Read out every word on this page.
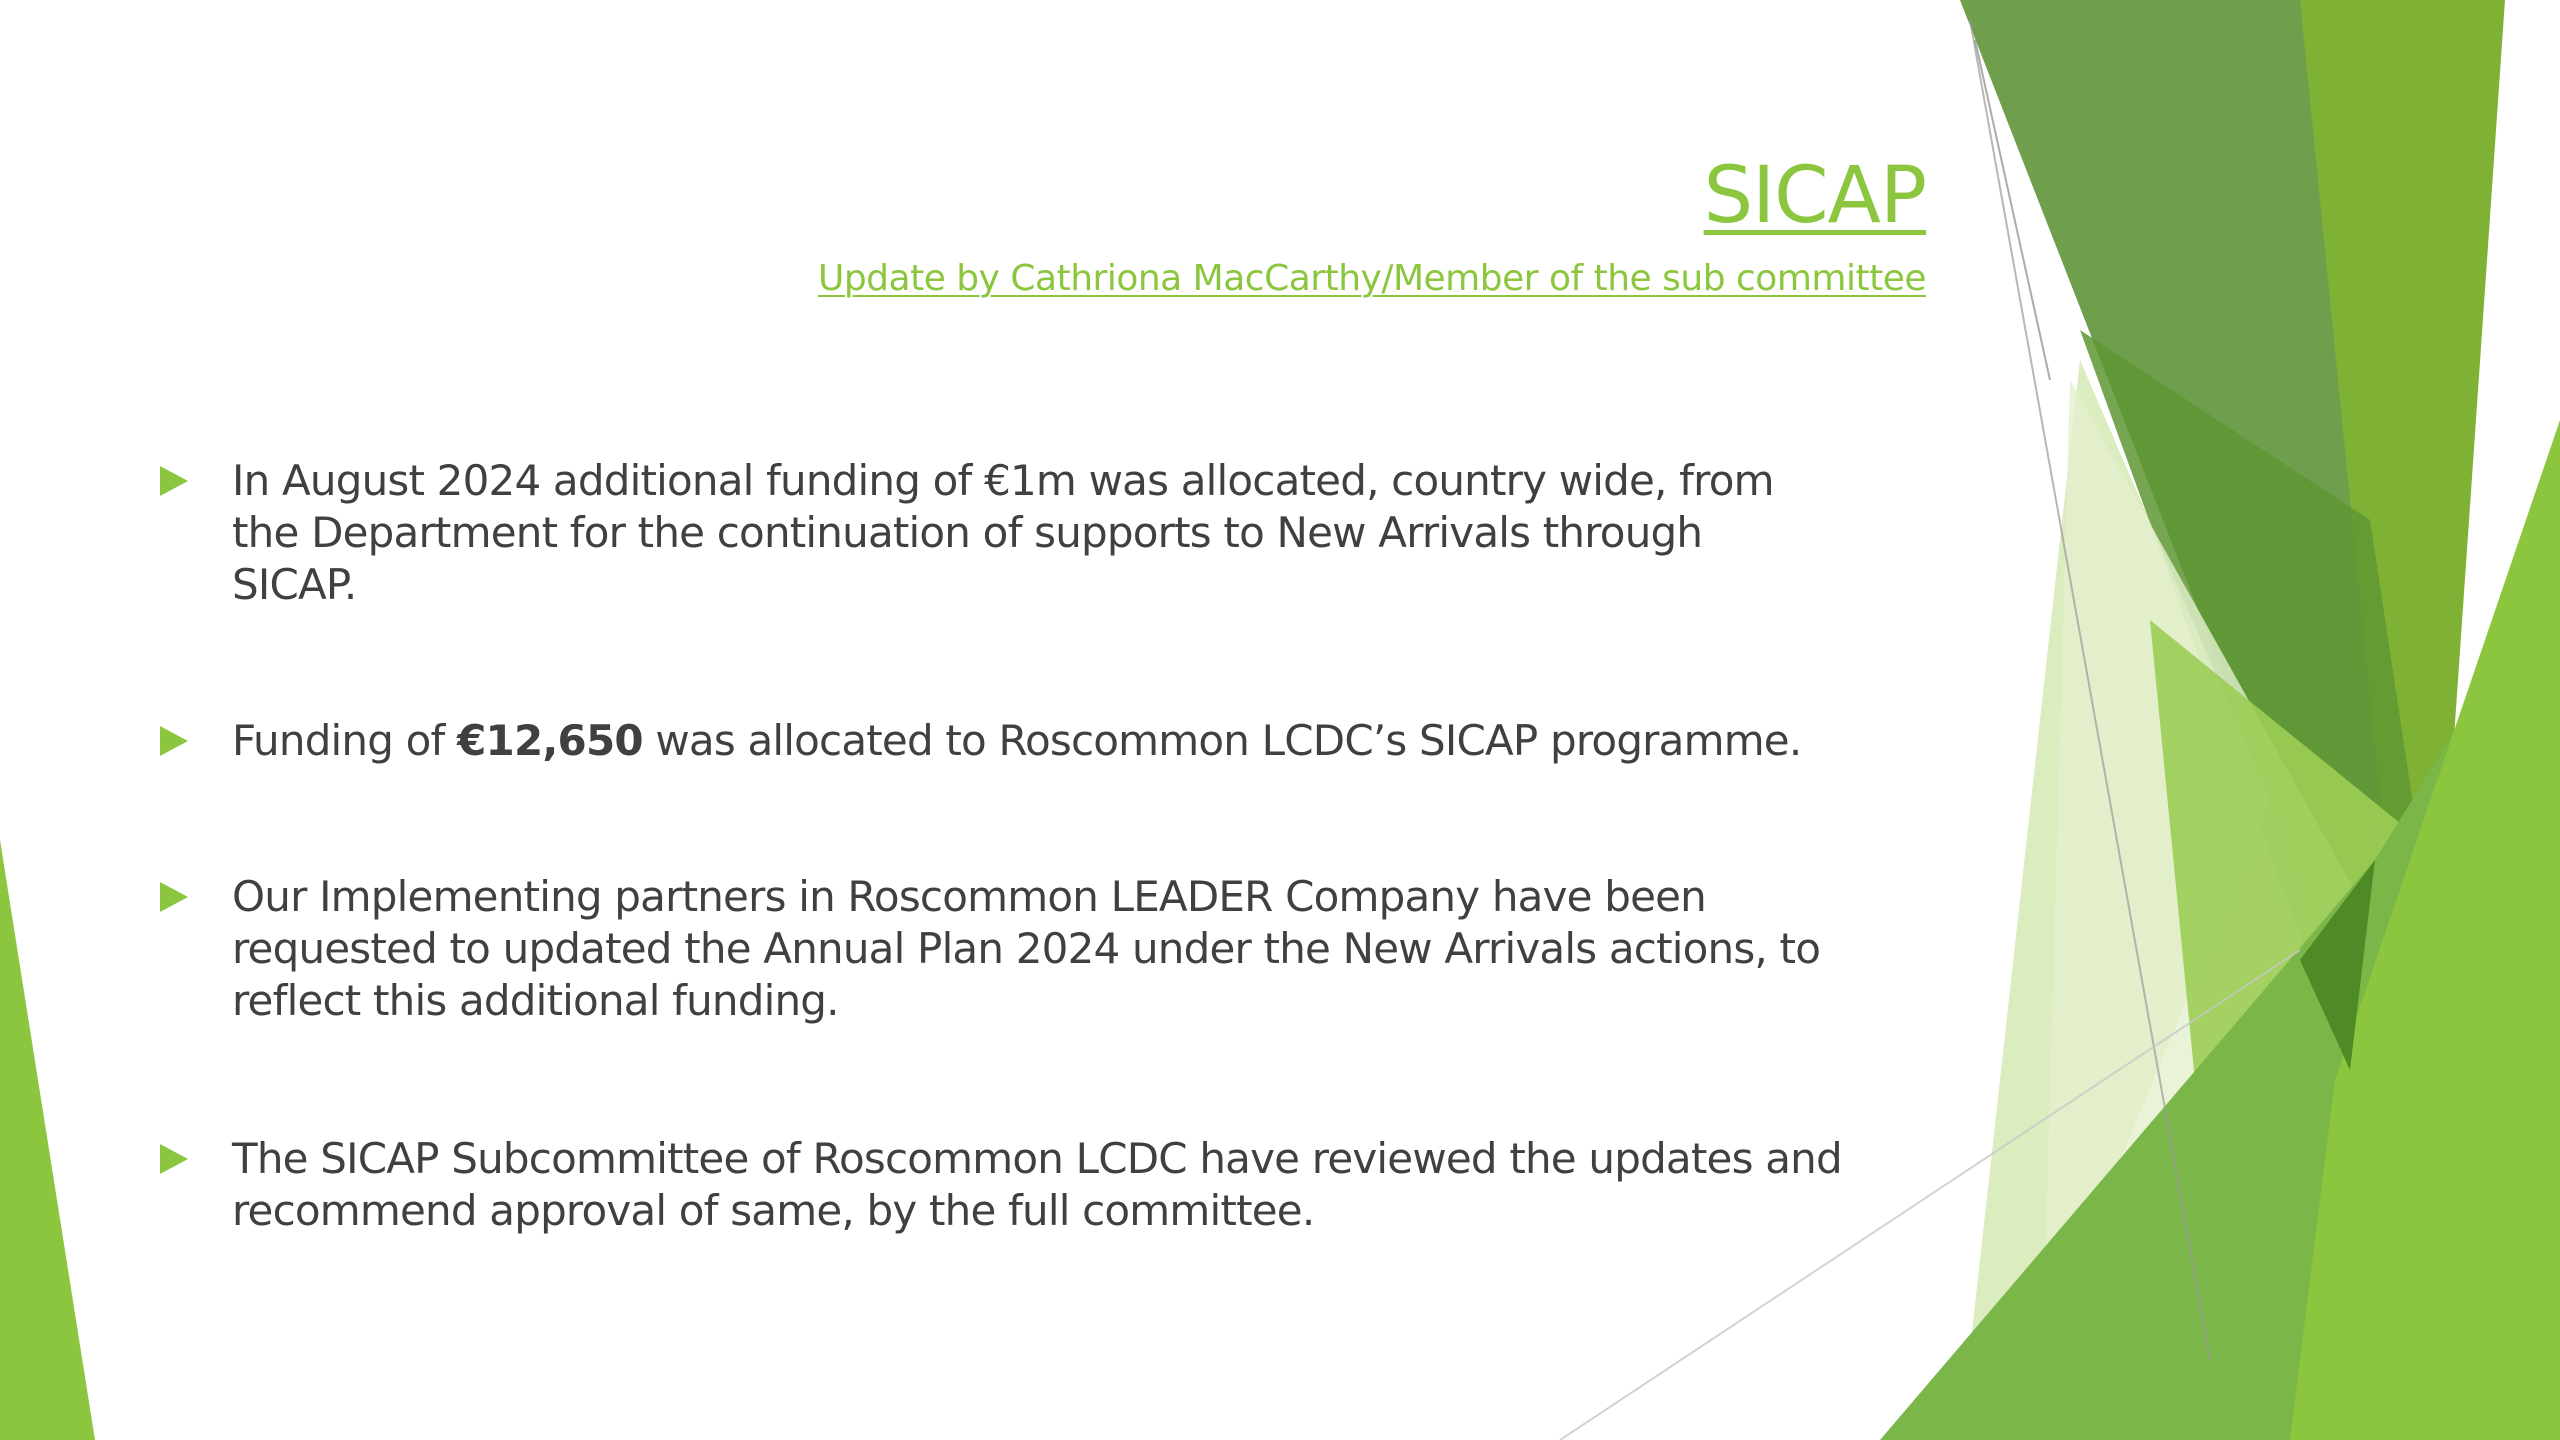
SICAP

Update by Cathriona MacCarthy/Member of the sub committee

In August 2024 additional funding of €1m was allocated, country wide, from
the Department for the continuation of supports to New Arrivals through
SICAP.
Funding of €12,650 was allocated to Roscommon LCDC’s SICAP programme.
Our Implementing partners in Roscommon LEADER Company have been
requested to updated the Annual Plan 2024 under the New Arrivals actions, to
reflect this additional funding.
The SICAP Subcommittee of Roscommon LCDC have reviewed the updates and
recommend approval of same, by the full committee.
